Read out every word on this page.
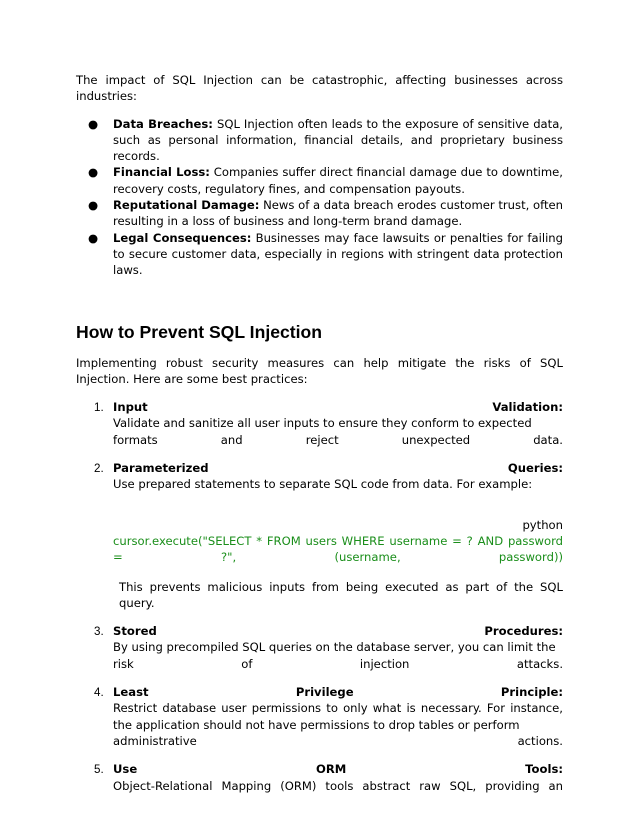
The impact of SQL Injection can be catastrophic, affecting businesses across industries:

● Data Breaches: SQL Injection often leads to the exposure of sensitive data, such as personal information, financial details, and proprietary business records.
● Financial Loss: Companies suffer direct financial damage due to downtime, recovery costs, regulatory fines, and compensation payouts.
● Reputational Damage: News of a data breach erodes customer trust, often resulting in a loss of business and long-term brand damage.
● Legal Consequences: Businesses may face lawsuits or penalties for failing to secure customer data, especially in regions with stringent data protection laws.
How to Prevent SQL Injection

Implementing robust security measures can help mitigate the risks of SQL Injection. Here are some best practices:

1. Input	Validation:

Validate and sanitize all user inputs to ensure they conform to expected

formats and reject unexpected data.

2. Parameterized	Queries:

Use prepared statements to separate SQL code from data. For example:

python
cursor.execute("SELECT * FROM users WHERE username = ? AND password
=	?",	(username,	password))

This prevents malicious inputs from being executed as part of the SQL query.

3. Stored	Procedures:

By using precompiled SQL queries on the database server, you can limit the

risk of injection attacks.

4. Least	Privilege	Principle:

Restrict database user permissions to only what is necessary. For instance, the application should not have permissions to drop tables or perform

administrative actions.

5. Use	ORM	Tools:

Object-Relational Mapping (ORM) tools abstract raw SQL, providing an
